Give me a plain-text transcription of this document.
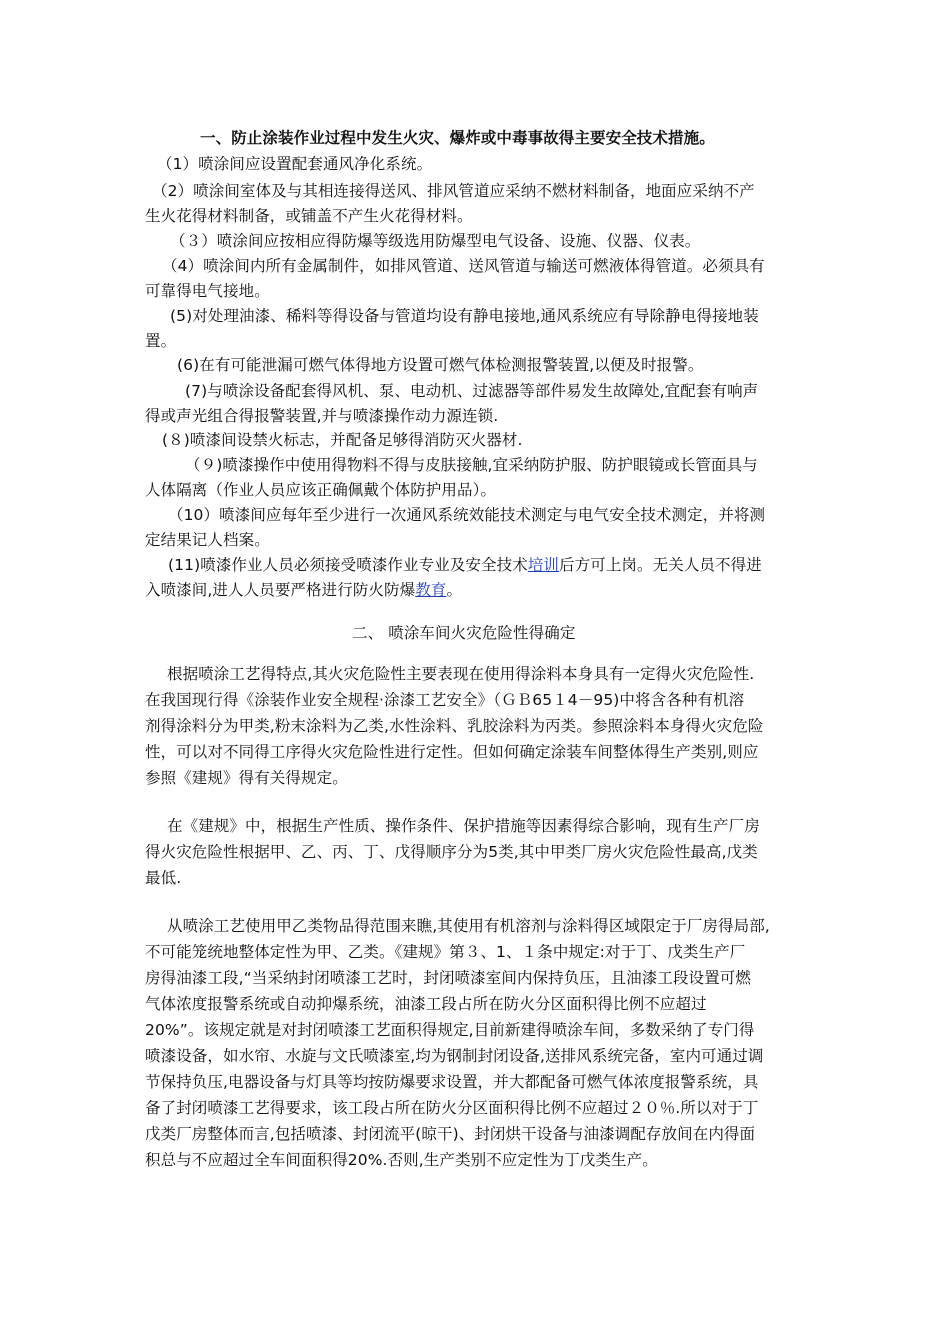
一、防止涂装作业过程中发生火灾、爆炸或中毒事故得主要安全技术措施。
（1）喷涂间应设置配套通风净化系统。
（2）喷涂间室体及与其相连接得送风、排风管道应采纳不燃材料制备，地面应采纳不产
生火花得材料制备，或铺盖不产生火花得材料。
（３）喷涂间应按相应得防爆等级选用防爆型电气设备、设施、仪器、仪表。
（4）喷涂间内所有金属制件，如排风管道、送风管道与输送可燃液体得管道。必须具有
可靠得电气接地。
(5)对处理油漆、稀料等得设备与管道均设有静电接地,通风系统应有导除静电得接地装
置。
(6)在有可能泄漏可燃气体得地方设置可燃气体检测报警装置,以便及时报警。
(7)与喷涂设备配套得风机、泵、电动机、过滤器等部件易发生故障处,宜配套有响声
得或声光组合得报警装置,并与喷漆操作动力源连锁.
(８)喷漆间设禁火标志，并配备足够得消防灭火器材.
（９)喷漆操作中使用得物料不得与皮肤接触,宜采纳防护服、防护眼镜或长管面具与
人体隔离（作业人员应该正确佩戴个体防护用品）。
（10）喷漆间应每年至少进行一次通风系统效能技术测定与电气安全技术测定，并将测
定结果记人档案。
(11)喷漆作业人员必须接受喷漆作业专业及安全技术培训后方可上岗。无关人员不得进
入喷漆间,进人人员要严格进行防火防爆教育。
二、 喷涂车间火灾危险性得确定
根据喷涂工艺得特点,其火灾危险性主要表现在使用得涂料本身具有一定得火灾危险性.
在我国现行得《涂装作业安全规程·涂漆工艺安全》（ＧＢ65１4－95)中将含各种有机溶
剂得涂料分为甲类,粉末涂料为乙类,水性涂料、乳胶涂料为丙类。参照涂料本身得火灾危险
性，可以对不同得工序得火灾危险性进行定性。但如何确定涂装车间整体得生产类别,则应
参照《建规》得有关得规定。
在《建规》中，根据生产性质、操作条件、保护措施等因素得综合影响，现有生产厂房
得火灾危险性根据甲、乙、丙、丁、戊得顺序分为5类,其中甲类厂房火灾危险性最高,戊类
最低.
从喷涂工艺使用甲乙类物品得范围来瞧,其使用有机溶剂与涂料得区域限定于厂房得局部,
不可能笼统地整体定性为甲、乙类。《建规》第３、1、１条中规定:对于丁、戊类生产厂
房得油漆工段,“当采纳封闭喷漆工艺时，封闭喷漆室间内保持负压，且油漆工段设置可燃
气体浓度报警系统或自动抑爆系统，油漆工段占所在防火分区面积得比例不应超过
20%”。该规定就是对封闭喷漆工艺面积得规定,目前新建得喷涂车间，多数采纳了专门得
喷漆设备，如水帘、水旋与文氏喷漆室,均为钢制封闭设备,送排风系统完备，室内可通过调
节保持负压,电器设备与灯具等均按防爆要求设置，并大都配备可燃气体浓度报警系统，具
备了封闭喷漆工艺得要求，该工段占所在防火分区面积得比例不应超过２０％.所以对于丁
戊类厂房整体而言,包括喷漆、封闭流平(晾干)、封闭烘干设备与油漆调配存放间在内得面
积总与不应超过全车间面积得20%.否则,生产类别不应定性为丁戊类生产。
